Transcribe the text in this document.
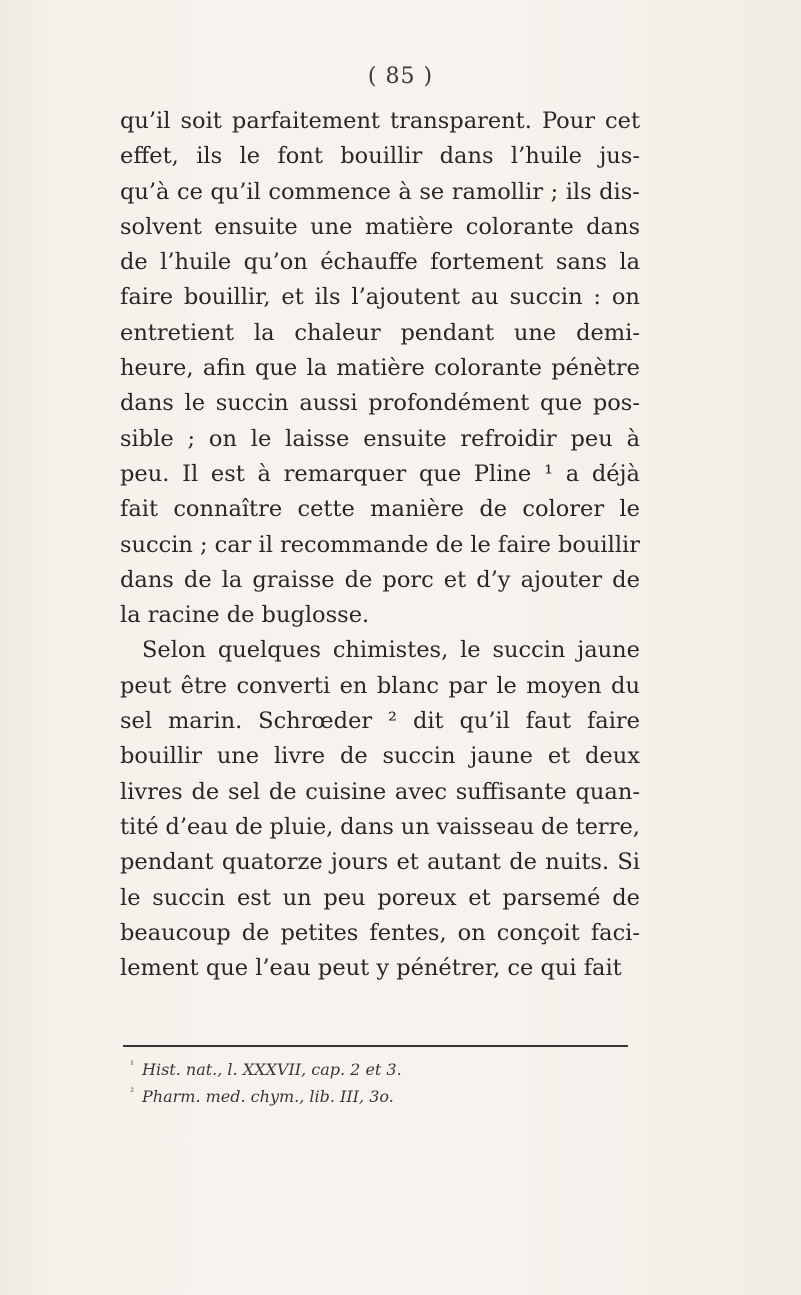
( 85 )
qu’il soit parfaitement transparent. Pour cet
effet, ils le font bouillir dans l’huile jus-
qu’à ce qu’il commence à se ramollir ; ils dis-
solvent ensuite une matière colorante dans
de l’huile qu’on échauffe fortement sans la
faire bouillir, et ils l’ajoutent au succin : on
entretient la chaleur pendant une demi-
heure, afin que la matière colorante pénètre
dans le succin aussi profondément que pos-
sible ; on le laisse ensuite refroidir peu à
peu. Il est à remarquer que Pline ¹ a déjà
fait connaître cette manière de colorer le
succin ; car il recommande de le faire bouillir
dans de la graisse de porc et d’y ajouter de
la racine de buglosse.
Selon quelques chimistes, le succin jaune
peut être converti en blanc par le moyen du
sel marin. Schrœder ² dit qu’il faut faire
bouillir une livre de succin jaune et deux
livres de sel de cuisine avec suffisante quan-
tité d’eau de pluie, dans un vaisseau de terre,
pendant quatorze jours et autant de nuits. Si
le succin est un peu poreux et parsemé de
beaucoup de petites fentes, on conçoit faci-
lement que l’eau peut y pénétrer, ce qui fait
$^{^1}$ Hist. nat., l. XXXVII, cap. 2 et 3.
$^{^2}$ Pharm. med. chym., lib. III, 3o.
